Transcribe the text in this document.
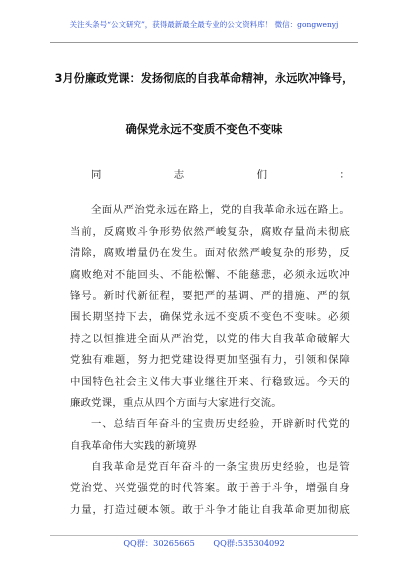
关注头条号“公文研究”，获得最新最全最专业的公文资料库！ 微信：gongwenyj
3月份廉政党课：发扬彻底的自我革命精神，永远吹冲锋号，
确保党永远不变质不变色不变味
同志们：
全面从严治党永远在路上，党的自我革命永远在路上。
当前，反腐败斗争形势依然严峻复杂，腐败存量尚未彻底
清除，腐败增量仍在发生。面对依然严峻复杂的形势，反
腐败绝对不能回头、不能松懈、不能慈悲，必须永远吹冲
锋号。新时代新征程，要把严的基调、严的措施、严的氛
围长期坚持下去，确保党永远不变质不变色不变味。必须
持之以恒推进全面从严治党，以党的伟大自我革命破解大
党独有难题，努力把党建设得更加坚强有力，引领和保障
中国特色社会主义伟大事业继往开来、行稳致远。今天的
廉政党课，重点从四个方面与大家进行交流。
一、总结百年奋斗的宝贵历史经验，开辟新时代党的
自我革命伟大实践的新境界
自我革命是党百年奋斗的一条宝贵历史经验，也是管
党治党、兴党强党的时代答案。敢于善于斗争，增强自身
力量，打造过硬本领。敢于斗争才能让自我革命更加彻底
QQ群：30265665 QQ群:535304092
